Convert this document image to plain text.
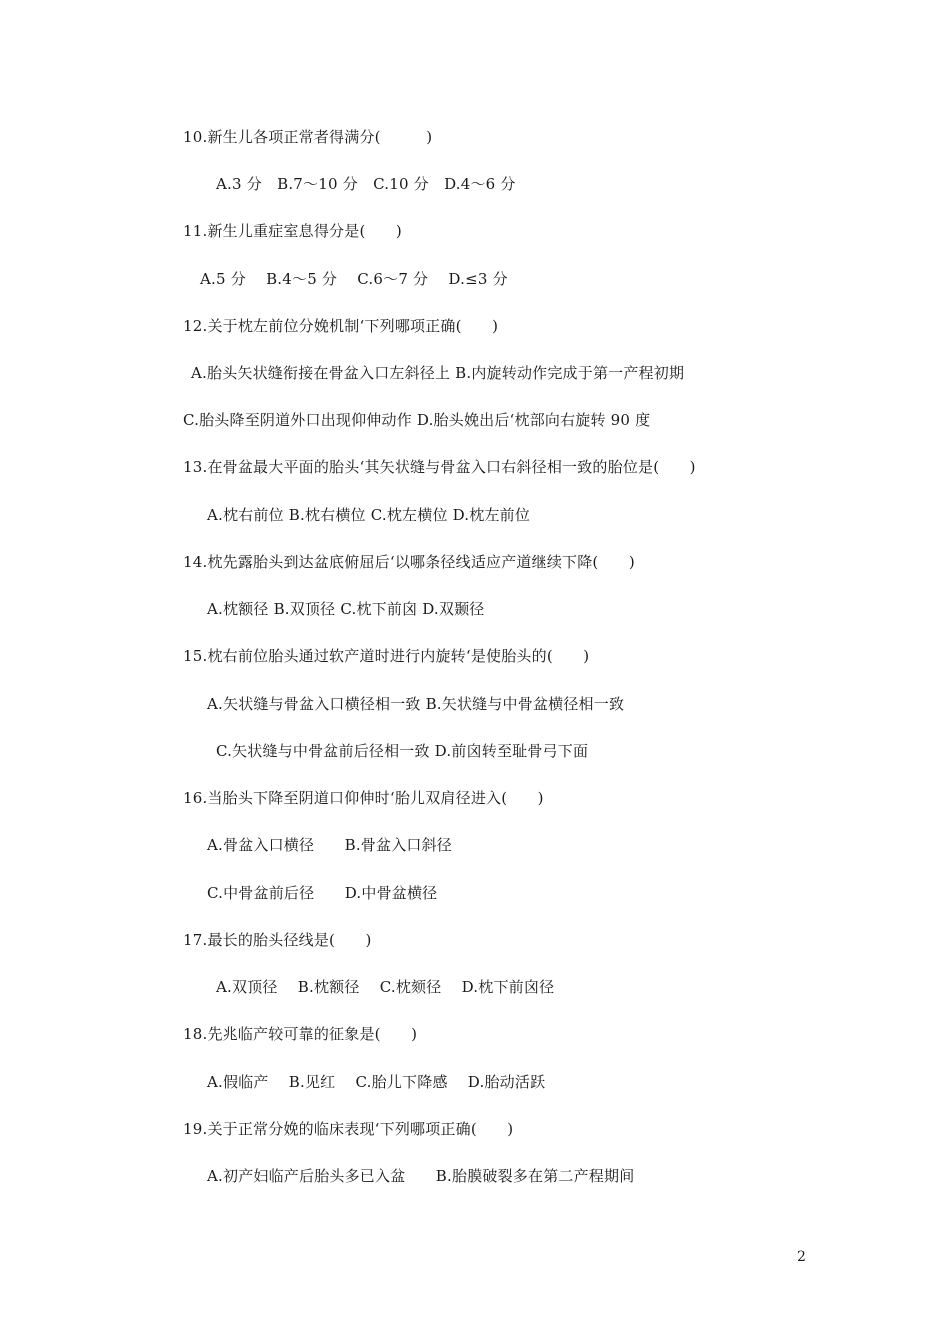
10.新生儿各项正常者得满分(　　　)
A.3 分　B.7～10 分　C.10 分　D.4～6 分
11.新生儿重症室息得分是(　　)
A.5 分　 B.4～5 分　 C.6～7 分　 D.≤3 分
12.关于枕左前位分娩机制‘下列哪项正确(　　)
A.胎头矢状缝衔接在骨盆入口左斜径上 B.内旋转动作完成于第一产程初期
C.胎头降至阴道外口出现仰伸动作 D.胎头娩出后‘枕部向右旋转 90 度
13.在骨盆最大平面的胎头‘其矢状缝与骨盆入口右斜径相一致的胎位是(　　)
A.枕右前位 B.枕右横位 C.枕左横位 D.枕左前位
14.枕先露胎头到达盆底俯屈后‘以哪条径线适应产道继续下降(　　)
A.枕额径 B.双顶径 C.枕下前囟 D.双颞径
15.枕右前位胎头通过软产道时进行内旋转‘是使胎头的(　　)
A.矢状缝与骨盆入口横径相一致 B.矢状缝与中骨盆横径相一致
C.矢状缝与中骨盆前后径相一致 D.前囟转至耻骨弓下面
16.当胎头下降至阴道口仰伸时‘胎儿双肩径进入(　　)
A.骨盆入口横径　　B.骨盆入口斜径
C.中骨盆前后径　　D.中骨盆横径
17.最长的胎头径线是(　　)
A.双顶径　 B.枕额径　 C.枕颏径　 D.枕下前囟径
18.先兆临产较可靠的征象是(　　)
A.假临产　 B.见红　 C.胎儿下降感　 D.胎动活跃
19.关于正常分娩的临床表现‘下列哪项正确(　　)
A.初产妇临产后胎头多已入盆　　B.胎膜破裂多在第二产程期间
2
